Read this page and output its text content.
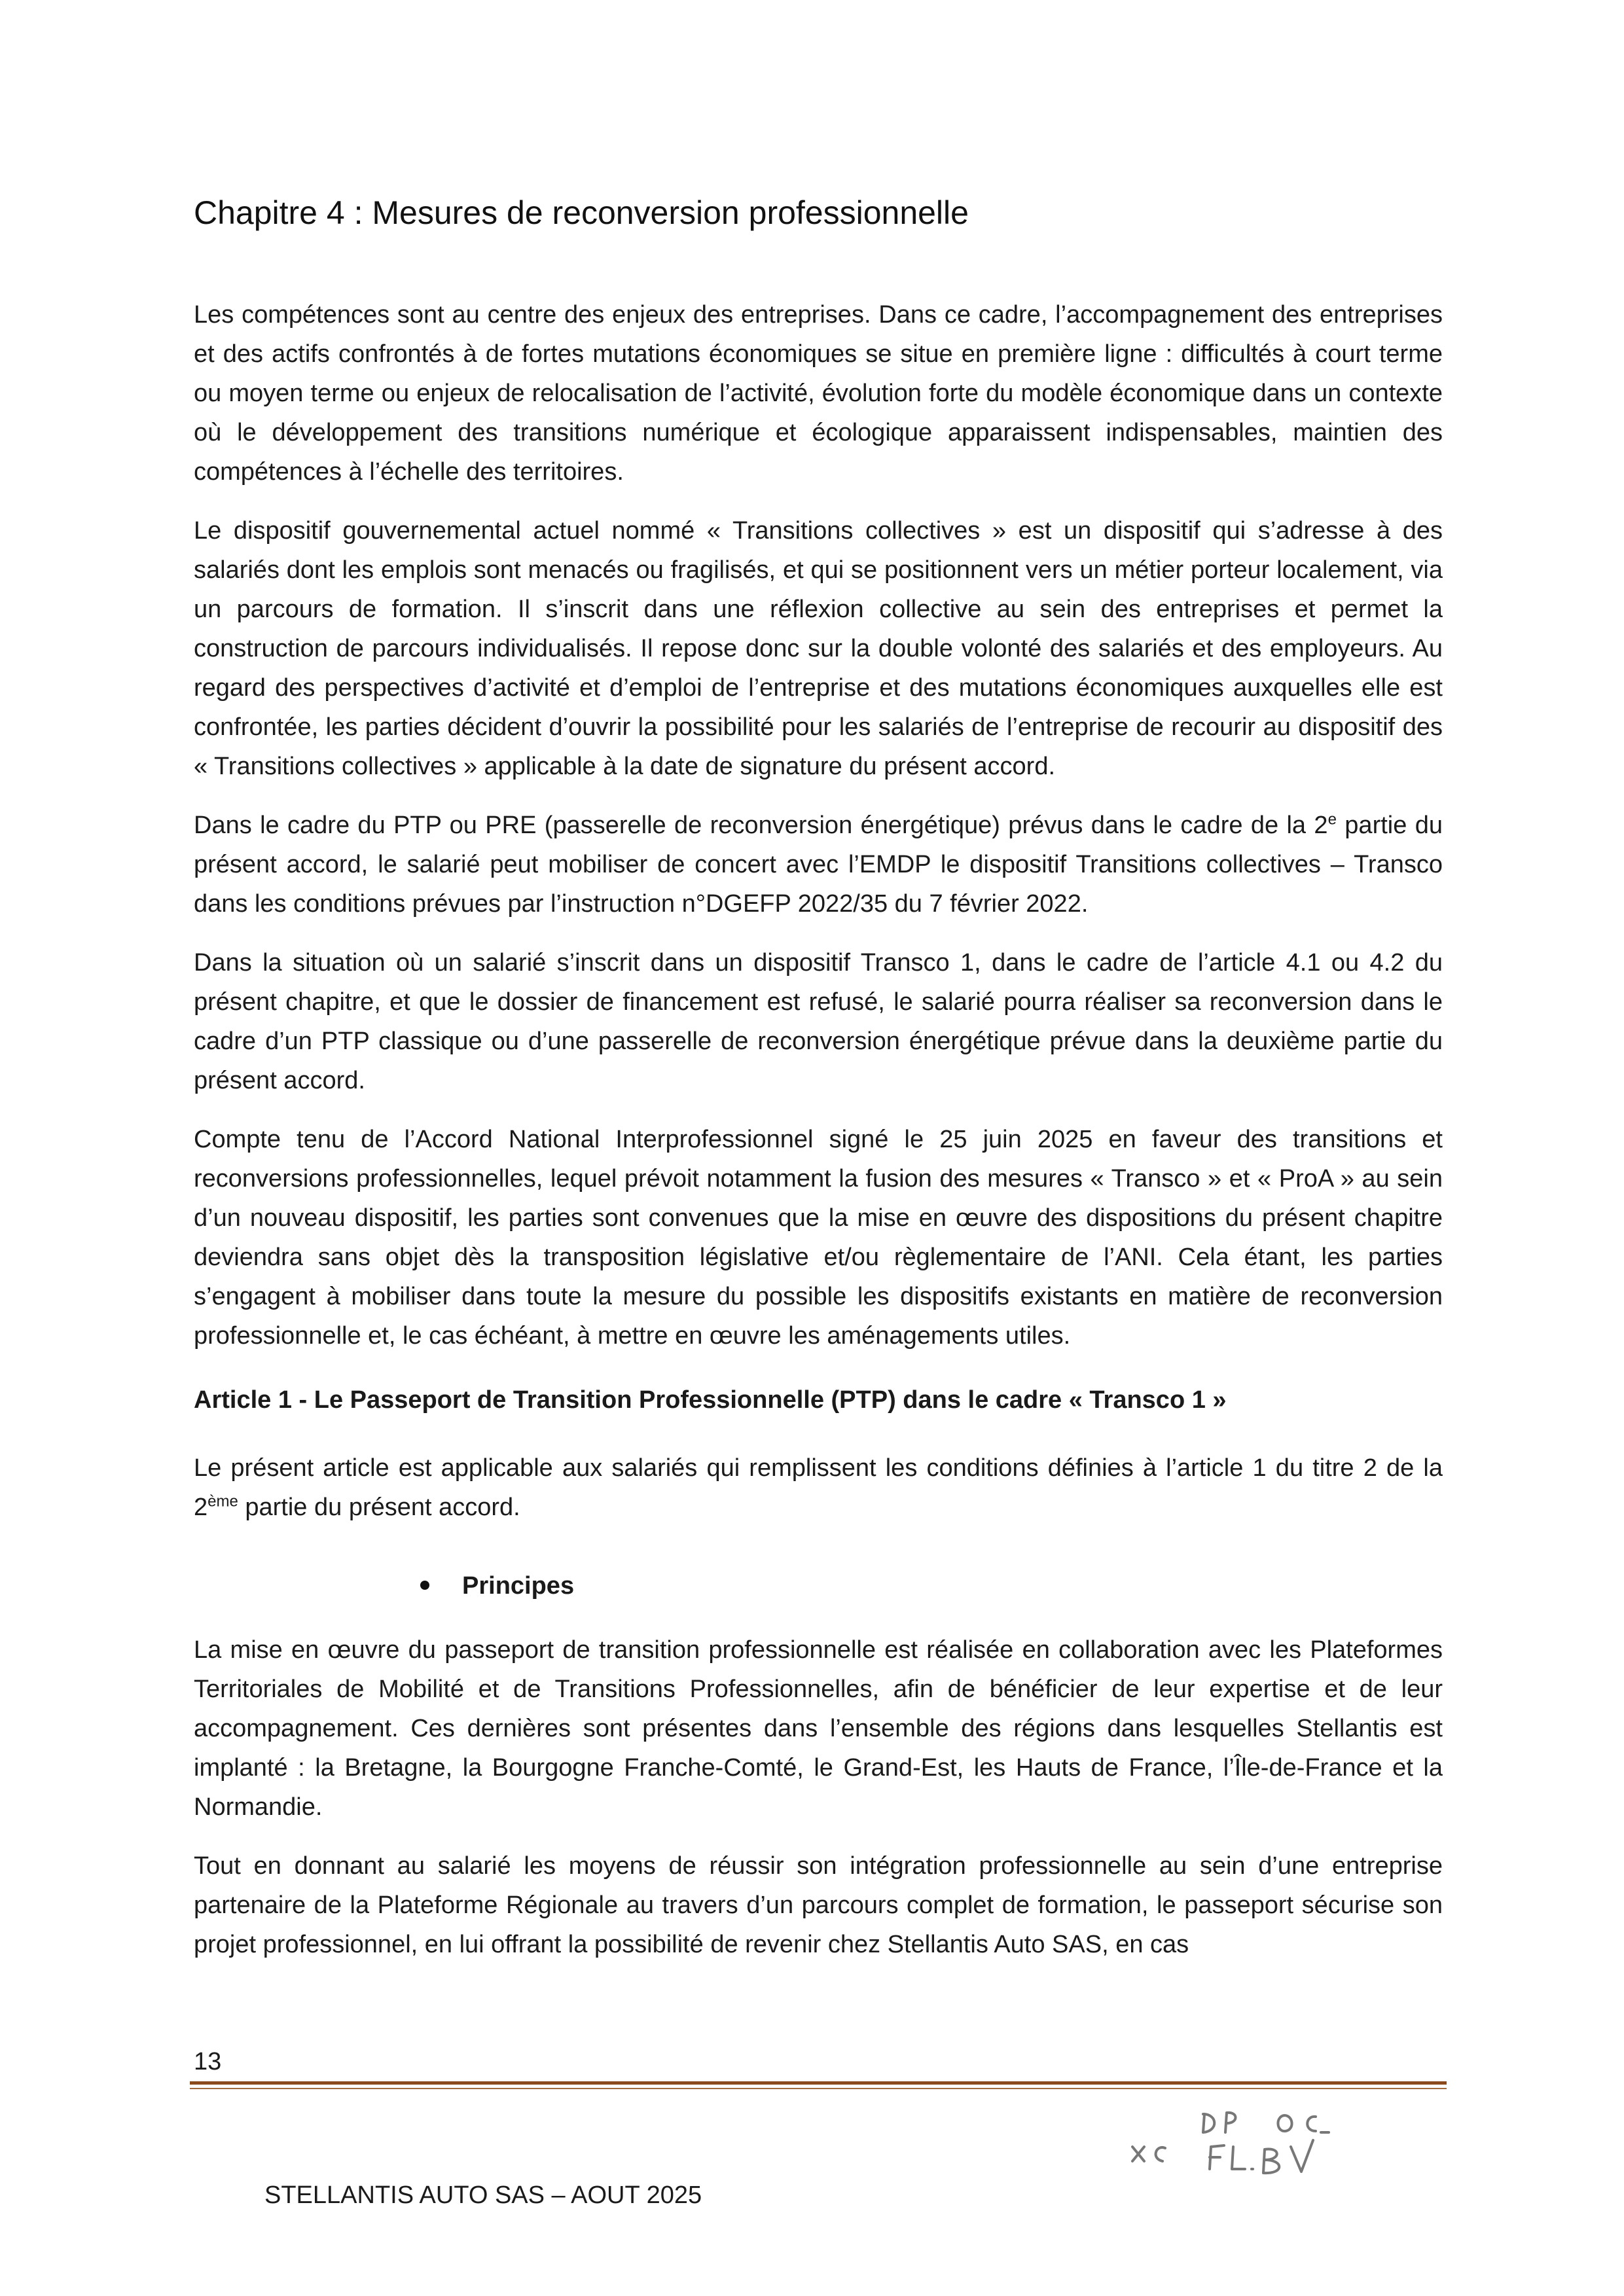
Chapitre 4 : Mesures de reconversion professionnelle

Les compétences sont au centre des enjeux des entreprises. Dans ce cadre, l’accompagnement des entreprises et des actifs confrontés à de fortes mutations économiques se situe en première ligne : difficultés à court terme ou moyen terme ou enjeux de relocalisation de l’activité, évolution forte du modèle économique dans un contexte où le développement des transitions numérique et écologique apparaissent indispensables, maintien des compétences à l’échelle des territoires.

Le dispositif gouvernemental actuel nommé « Transitions collectives » est un dispositif qui s’adresse à des salariés dont les emplois sont menacés ou fragilisés, et qui se positionnent vers un métier porteur localement, via un parcours de formation. Il s’inscrit dans une réflexion collective au sein des entreprises et permet la construction de parcours individualisés. Il repose donc sur la double volonté des salariés et des employeurs. Au regard des perspectives d’activité et d’emploi de l’entreprise et des mutations économiques auxquelles elle est confrontée, les parties décident d’ouvrir la possibilité pour les salariés de l’entreprise de recourir au dispositif des « Transitions collectives » applicable à la date de signature du présent accord.

Dans le cadre du PTP ou PRE (passerelle de reconversion énergétique) prévus dans le cadre de la 2e partie du présent accord, le salarié peut mobiliser de concert avec l’EMDP le dispositif Transitions collectives – Transco dans les conditions prévues par l’instruction n°DGEFP 2022/35 du 7 février 2022.

Dans la situation où un salarié s’inscrit dans un dispositif Transco 1, dans le cadre de l’article 4.1 ou 4.2 du présent chapitre, et que le dossier de financement est refusé, le salarié pourra réaliser sa reconversion dans le cadre d’un PTP classique ou d’une passerelle de reconversion énergétique prévue dans la deuxième partie du présent accord.

Compte tenu de l’Accord National Interprofessionnel signé le 25 juin 2025 en faveur des transitions et reconversions professionnelles, lequel prévoit notamment la fusion des mesures « Transco » et « ProA » au sein d’un nouveau dispositif, les parties sont convenues que la mise en œuvre des dispositions du présent chapitre deviendra sans objet dès la transposition législative et/ou règlementaire de l’ANI. Cela étant, les parties s’engagent à mobiliser dans toute la mesure du possible les dispositifs existants en matière de reconversion professionnelle et, le cas échéant, à mettre en œuvre les aménagements utiles.

Article 1 - Le Passeport de Transition Professionnelle (PTP) dans le cadre « Transco 1 »

Le présent article est applicable aux salariés qui remplissent les conditions définies à l’article 1 du titre 2 de la 2ème partie du présent accord.

Principes

La mise en œuvre du passeport de transition professionnelle est réalisée en collaboration avec les Plateformes Territoriales de Mobilité et de Transitions Professionnelles, afin de bénéficier de leur expertise et de leur accompagnement. Ces dernières sont présentes dans l’ensemble des régions dans lesquelles Stellantis est implanté : la Bretagne, la Bourgogne Franche-Comté, le Grand-Est, les Hauts de France, l’Île-de-France et la Normandie.

Tout en donnant au salarié les moyens de réussir son intégration professionnelle au sein d’une entreprise partenaire de la Plateforme Régionale au travers d’un parcours complet de formation, le passeport sécurise son projet professionnel, en lui offrant la possibilité de revenir chez Stellantis Auto SAS, en cas

13
STELLANTIS AUTO SAS – AOUT 2025
